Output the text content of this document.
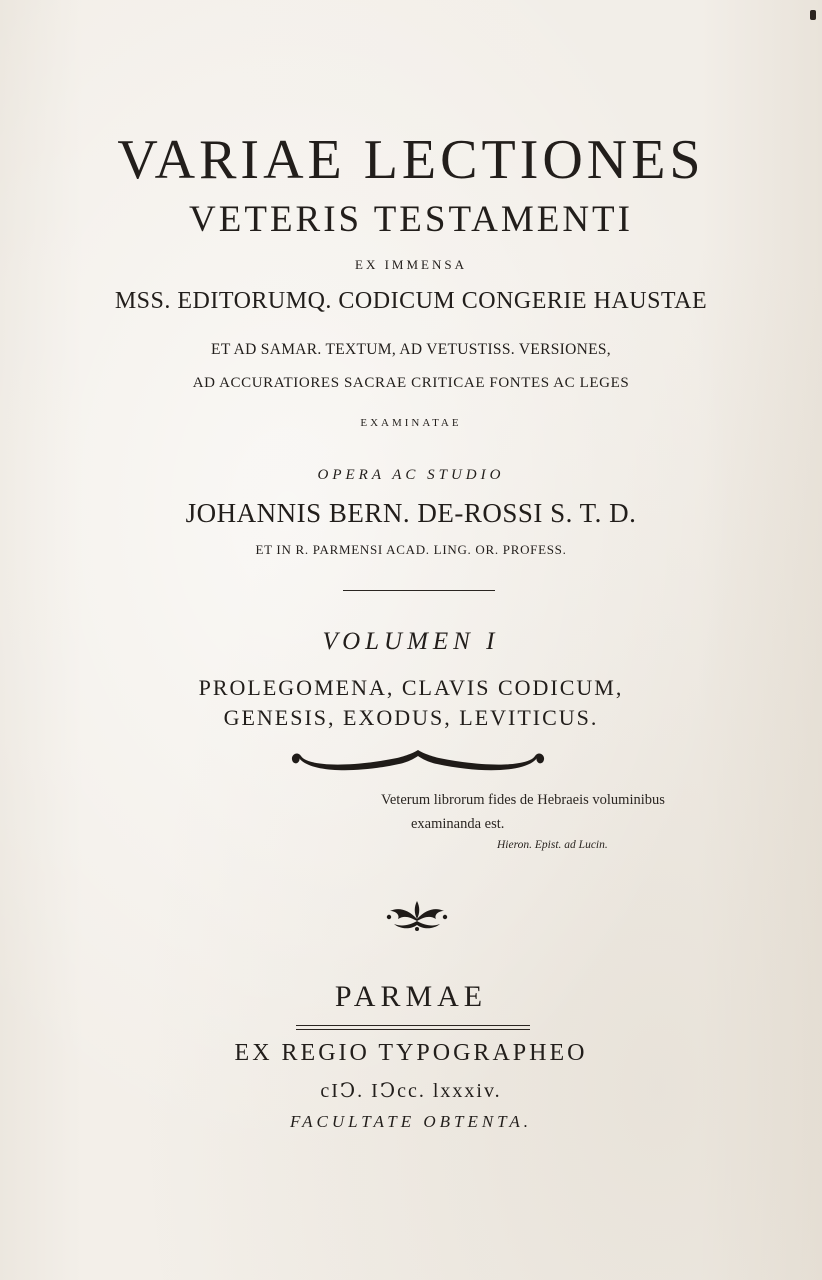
VARIAE LECTIONES
VETERIS TESTAMENTI
EX IMMENSA
MSS. EDITORUMQ. CODICUM CONGERIE HAUSTAE
ET AD SAMAR. TEXTUM, AD VETUSTISS. VERSIONES,
AD ACCURATIORES SACRAE CRITICAE FONTES AC LEGES
EXAMINATAE
OPERA AC STUDIO
JOHANNIS BERN. DE-ROSSI S. T. D.
ET IN R. PARMENSI ACAD. LING. OR. PROFESS.
VOLUMEN I
PROLEGOMENA, CLAVIS CODICUM,
GENESIS, EXODUS, LEVITICUS.
Veterum librorum fides de Hebraeis voluminibus
examinanda est.
Hieron. Epist. ad Lucin.
PARMAE
EX REGIO TYPOGRAPHEO
cIↃ. IↃcc. lxxxiv.
FACULTATE OBTENTA.
